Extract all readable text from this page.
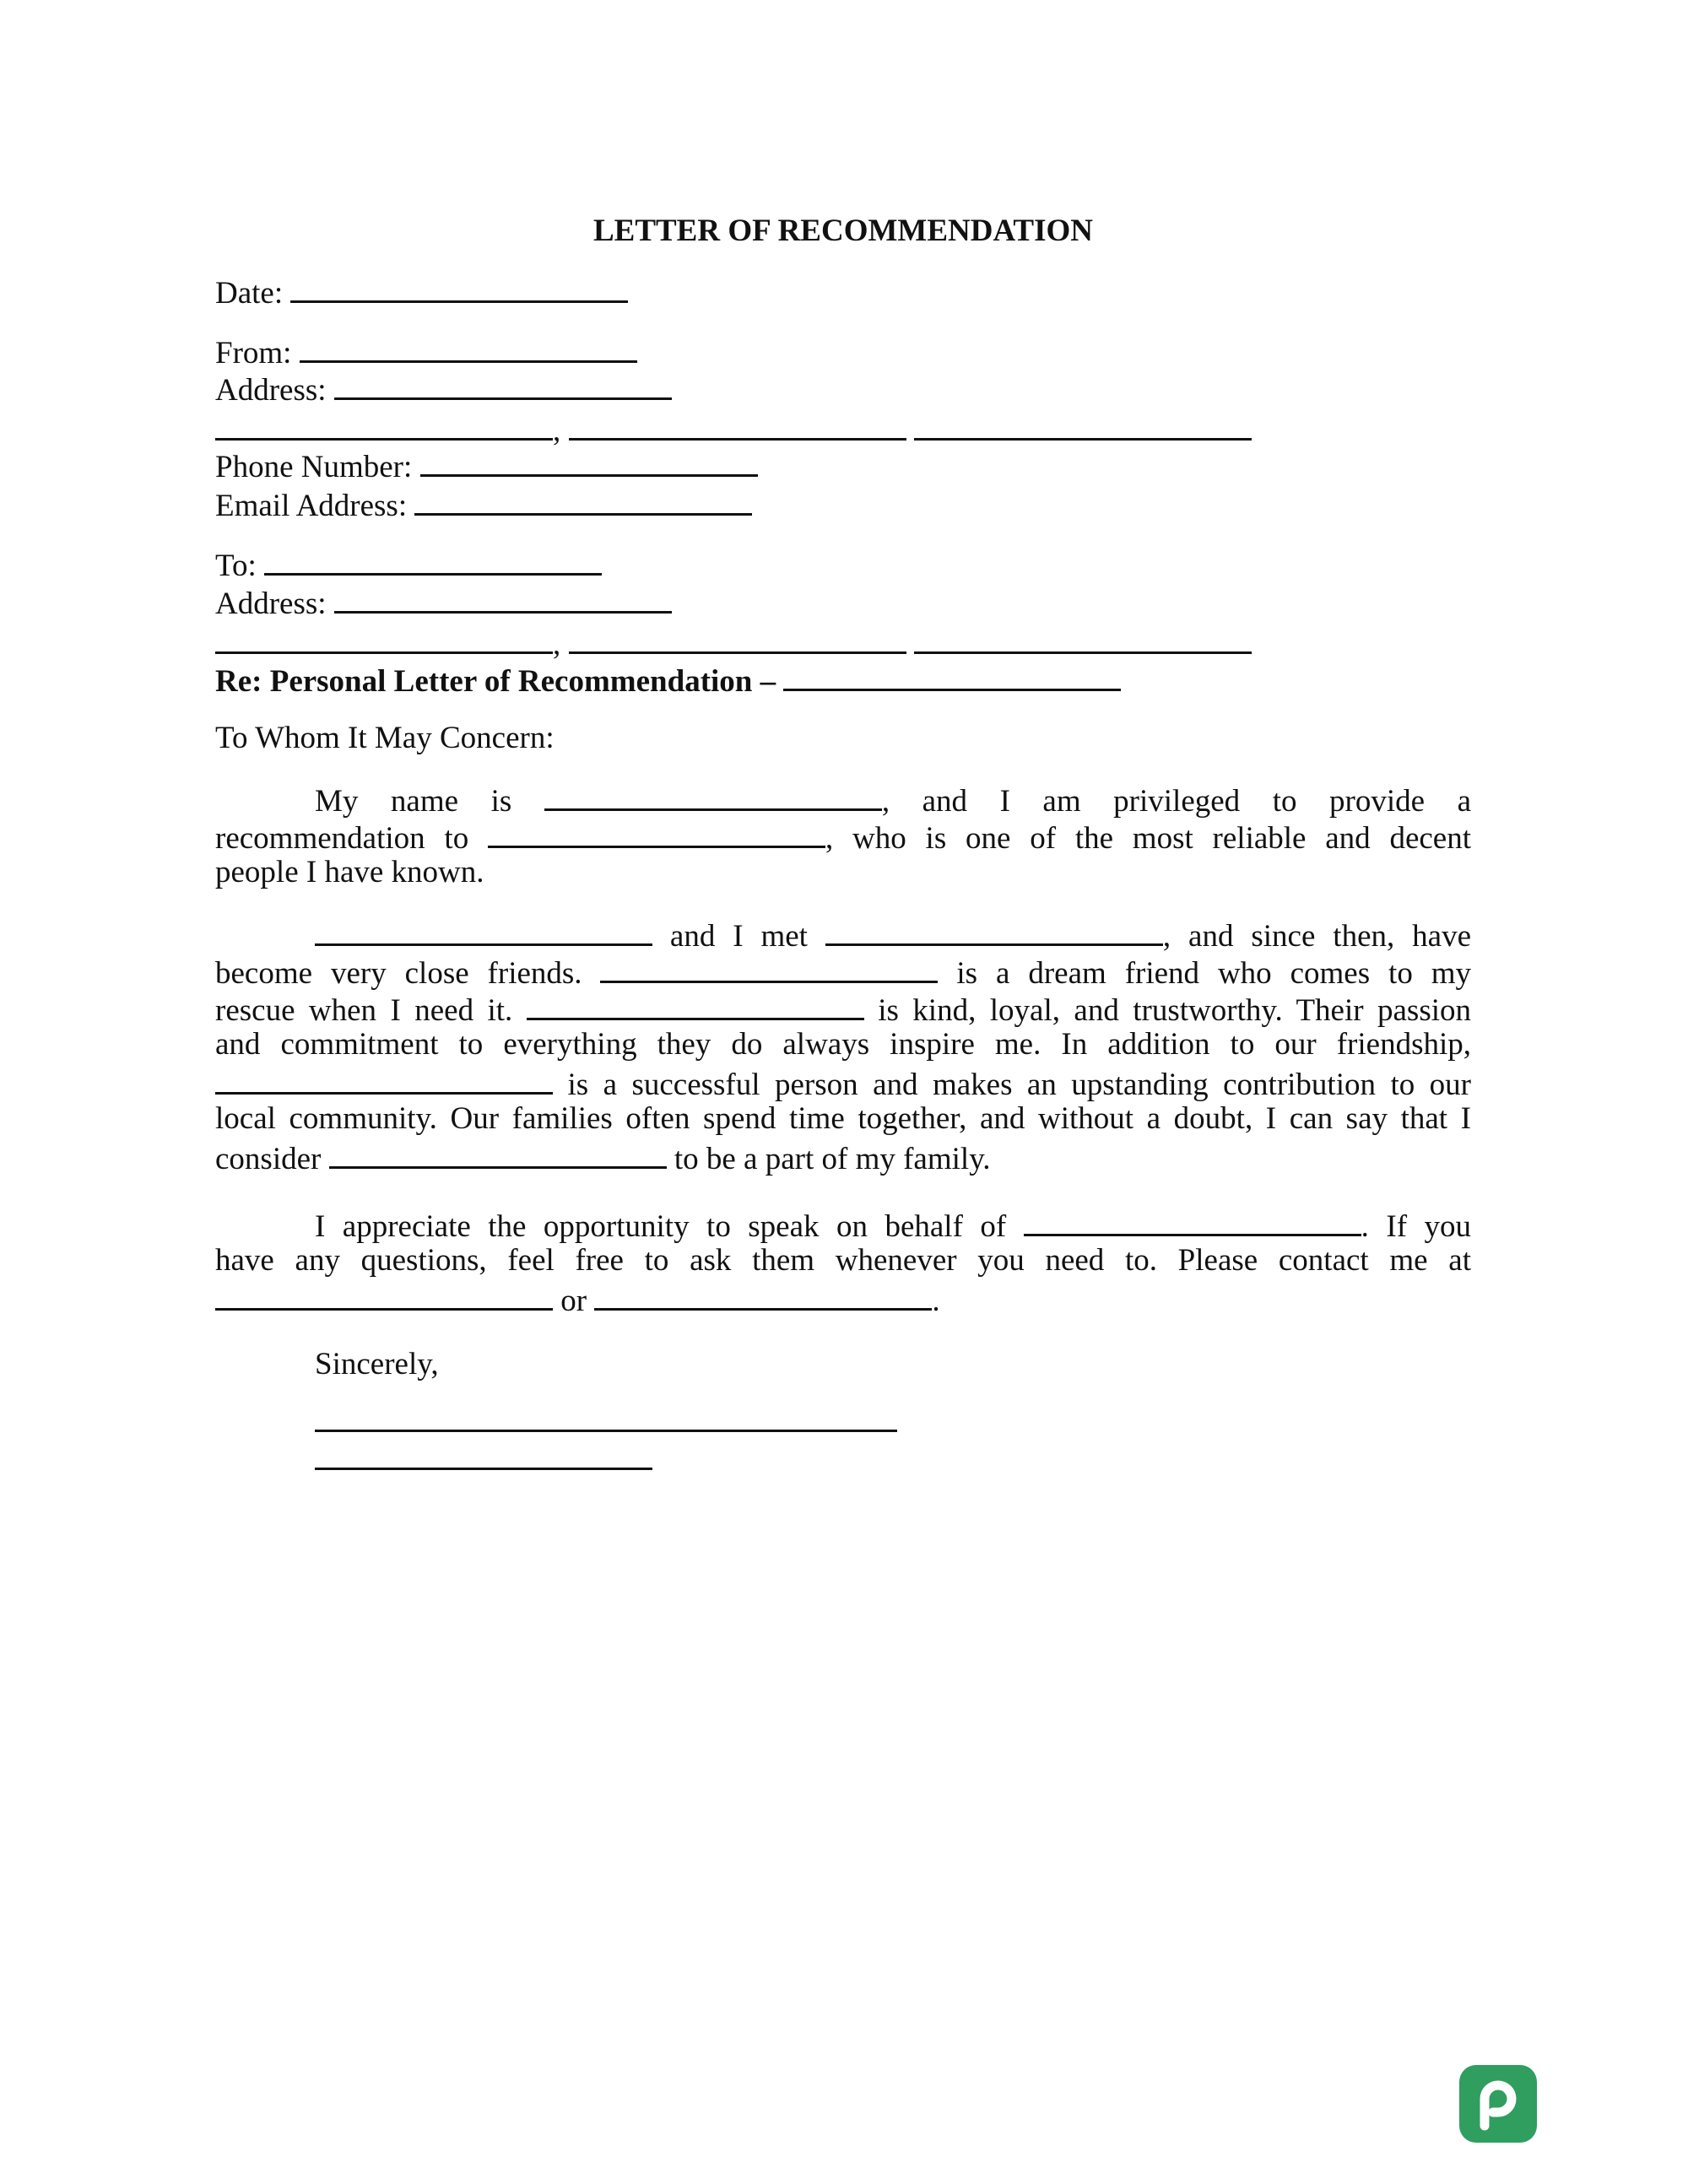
LETTER OF RECOMMENDATION
Date:
From:
Address:
,
Phone Number:
Email Address:
To:
Address:
,
Re: Personal Letter of Recommendation –
To Whom It May Concern:
My name is	, and I am privileged to provide a
recommendation to	, who is one of the most reliable and decent
people I have known.
and I met	, and since then, have
become very close friends.	is a dream friend who comes to my
rescue when I need it.	is kind, loyal, and trustworthy. Their passion
and commitment to everything they do always inspire me. In addition to our friendship,
is a successful person and makes an upstanding contribution to our
local community. Our families often spend time together, and without a doubt, I can say that I
consider	to be a part of my family.
I appreciate the opportunity to speak on behalf of	. If you
have any questions, feel free to ask them whenever you need to. Please contact me at
or	.
Sincerely,
